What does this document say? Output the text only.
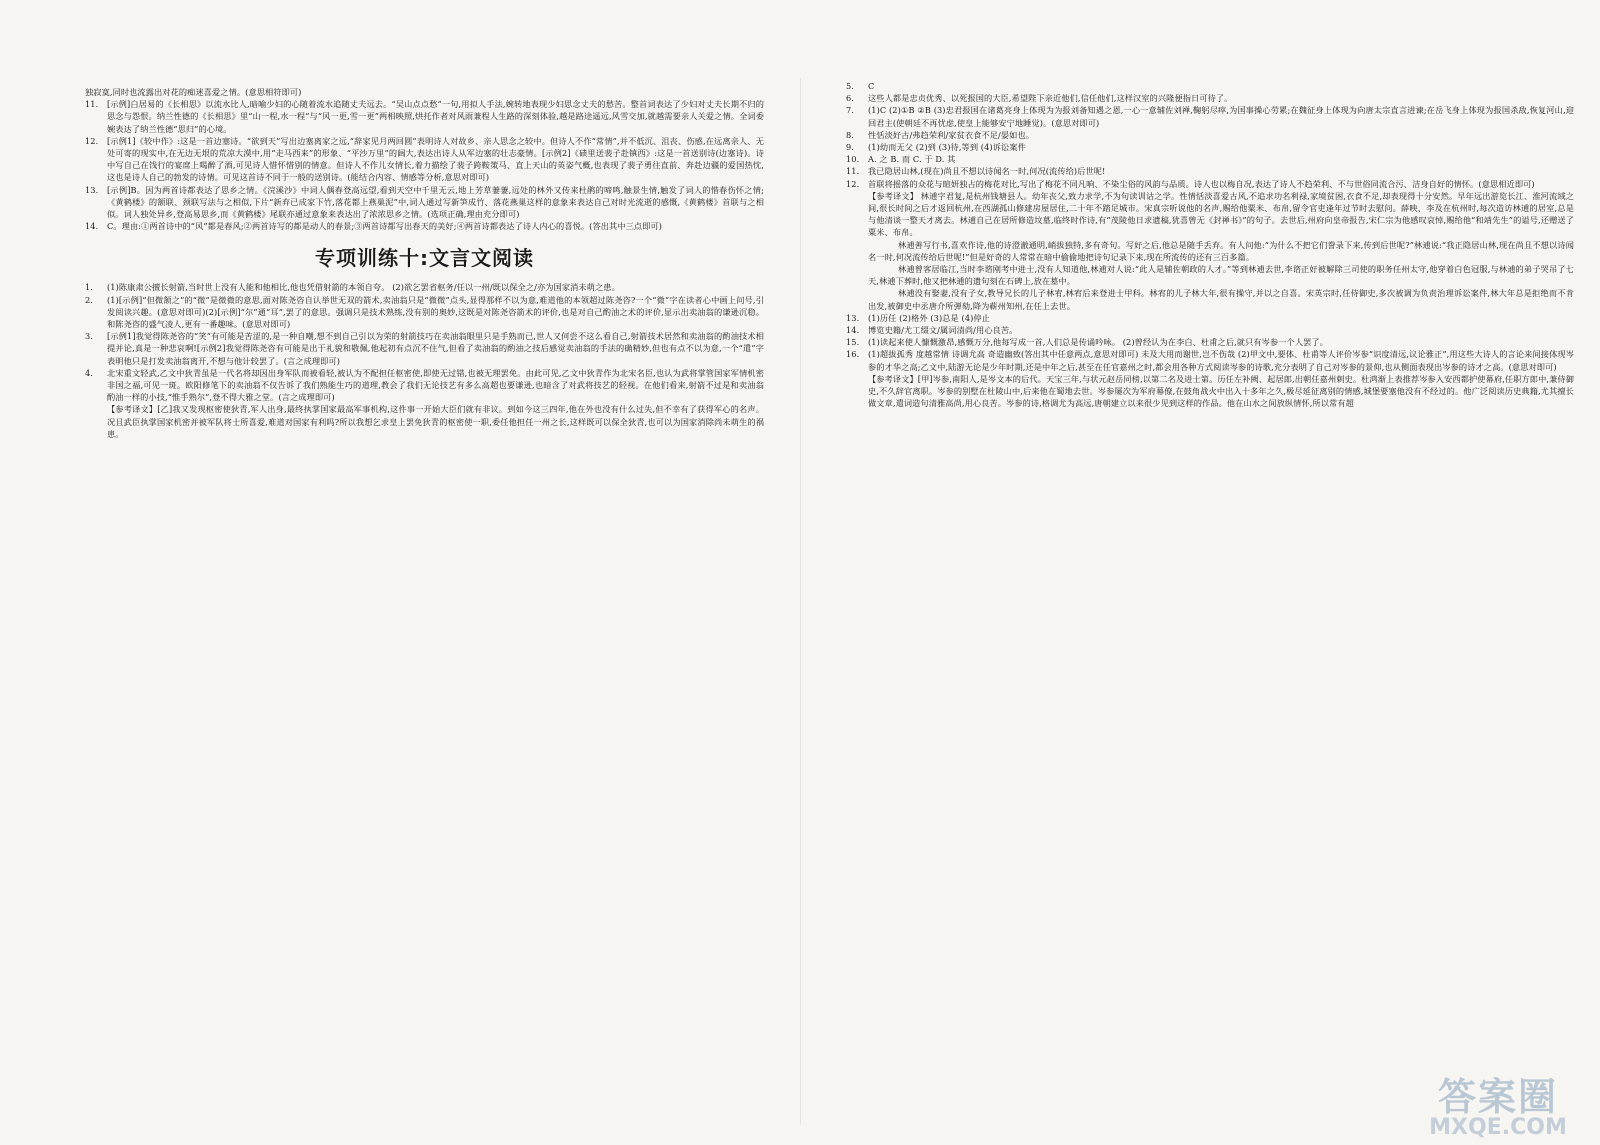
独寂寞,同时也流露出对花的痴迷喜爱之情。(意思相符即可)

11. [示例]白居易的《长相思》以流水比人,暗喻少妇的心随着流水追随丈夫远去。“吴山点点愁”一句,用拟人手法,婉转地表现少妇思念丈夫的愁苦。整首词表达了少妇对丈夫长期不归的思念与怨恨。纳兰性德的《长相思》里“山一程,水一程”与“风一更,雪一更”两相映照,烘托作者对风雨兼程人生路的深刻体验,越是路途遥远,风雪交加,就越需要亲人关爱之情。全词委婉表达了纳兰性德“思归”的心境。

12. [示例1]《较中作》:这是一首边塞诗。“欲到天”写出边塞离家之远,“辞家见月两回圆”表明诗人对故乡、亲人思念之较中。但诗人不作“常情”,并不低沉、沮丧、伤感,在远离亲人、无处可寄的现实中,在无边无垠的荒凉大漠中,用“走马西来”的形象、“平沙万里”的阔大,表达出诗人从军边塞的壮志豪情。[示例2]《碛里送裴子赴镇西》:这是一首送别诗(边塞诗)。诗中写自己在饯行的宴席上喝醉了酒,可见诗人惜怀惜别的情意。但诗人不作儿女情长,着力描绘了裴子跨鞍策马、直上天山的英姿气概,也表现了裴子勇往直前、奔赴边疆的爱国热忱,这也是诗人自己的勃发的诗情。可见这首诗不同于一般的送别诗。(能结合内容、情感等分析,意思对即可)

13. [示例]B。因为两首诗都表达了思乡之情。《浣溪沙》中词人偶春登高远望,看到天空中千里无云,地上芳草萋萋,远处的林外又传来杜鹃的啼鸣,触景生情,触发了词人的惜春伤怀之情;《黄鹤楼》的颔联、颈联写法与之相似,下片“新弃已成家下竹,落花都上燕巢泥”中,词人通过写新笋成竹、落花燕巢这样的意象来表达自己对时光流逝的感慨,《黄鹤楼》首联与之相似。词人独处异乡,登高易思乡,而《黄鹤楼》尾联亦通过意象来表达出了浓浓思乡之情。(选项正确,理由充分即可)

14. C。理由:①两首诗中的“风”都是春风;②两首诗写的都是动人的春景;③两首诗都写出春天的美好;④两首诗都表达了诗人内心的喜悦。(答出其中三点即可)

专项训练十:文言文阅读

1. (1)陈康肃公擅长射箭,当时世上没有人能和他相比,他也凭借射箭的本领自夸。 (2)欲乞罢省枢务/任以一州/既以保全之/亦为国家消未萌之患。

2. (1)[示例]“但微颔之”的“微”是微微的意思,面对陈尧咨自认举世无双的箭术,卖油翁只是“微微”点头,显得那样不以为意,难道他的本领超过陈尧咨?一个“微”字在读者心中画上问号,引发阅读兴趣。(意思对即可)(2)[示例]“尔”通“耳”,罢了的意思。强调只是技术熟练,没有别的奥妙,这既是对陈尧咨箭术的评价,也是对自己酌油之术的评价,显示出卖油翁的谦逊沉稳。和陈尧咨的盛气凌人,更有一番趣味。(意思对即可)

3. [示例1]我觉得陈尧咨的“笑”有可能是苦涩的,是一种自嘲,想不到自己引以为荣的射箭技巧在卖油翁眼里只是手熟而已,世人又何尝不这么看自己,射箭技术居然和卖油翁的酌油技术相提并论,真是一种悲哀啊![示例2]我觉得陈尧咨有可能是出于礼貌和敬佩,他起初有点沉不住气,但看了卖油翁的酌油之技后感觉卖油翁的手法的确精妙,但也有点不以为意,一个“遣”字表明他只是打发卖油翁离开,不想与他计较罢了。(言之成理即可)

4. 北宋重文轻武,乙文中狄青虽是一代名将却因出身军队而被看轻,被认为不配担任枢密使,即使无过错,也被无理罢免。由此可见,乙文中狄青作为北宋名臣,也认为武将掌管国家军情机密非国之福,可见一斑。欧阳修笔下的卖油翁不仅告诉了我们熟能生巧的道理,教会了我们无论技艺有多么高超也要谦逊,也暗含了对武将技艺的轻视。在他们看来,射箭不过是和卖油翁酌油一样的小技,“惟手熟尔”,登不得大雅之堂。(言之成理即可)

【参考译文】[乙]我又发现枢密使狄青,军人出身,最终执掌国家最高军事机构,这件事一开始大臣们就有非议。到如今这三四年,他在外也没有什么过失,但不幸有了获得军心的名声。况且武臣执掌国家机密并被军队将士所喜爱,难道对国家有利吗?所以我想乞求皇上罢免狄青的枢密使一职,委任他担任一州之长,这样既可以保全狄青,也可以为国家消除尚未萌生的祸患。

5. C

6. 这些人都是忠贞优秀、以死报国的大臣,希望陛下亲近他们,信任他们,这样汉室的兴隆便指日可待了。

7. (1)C (2)①B ②B (3)忠君报国在诸葛亮身上体现为为报刘备知遇之恩,一心一意辅佐刘禅,鞠躬尽瘁,为国事操心劳累;在魏征身上体现为向唐太宗直言进谏;在岳飞身上体现为报国杀敌,恢复河山,迎回君主(使朝廷不再忧虑,使皇上能够安宁地睡觉)。(意思对即可)

8. 性恬淡好古/弗趋荣利/家贫衣食不足/晏如也。

9. (1)幼而无父 (2)到 (3)待,等到 (4)诉讼案件

10. A. 之 B. 而 C. 于 D. 其

11. 我已隐居山林,(现在)尚且不想以诗闻名一时,何况(流传给)后世呢!

12. 首联将摇落的众花与暄妍独占的梅花对比,写出了梅花不同凡响、不染尘俗的风韵与品质。诗人也以梅自况,表达了诗人不趋荣利、不与世俗同流合污、洁身自好的情怀。(意思相近即可)

【参考译文】 林逋字君复,是杭州钱塘县人。幼年丧父,致力求学,不为句读训诂之学。性情恬淡喜爱古风,不追求功名利禄,家境贫困,衣食不足,却表现得十分安然。早年远出游览长江、淮河流域之间,很长时间之后才返回杭州,在西湖孤山修建房屋居住,二十年不踏足城市。宋真宗听说他的名声,赐给他粟米、布帛,留令官吏逢年过节时去慰问。薛映、李及在杭州时,每次造访林逋的居室,总是与他清谈一整天才离去。林逋自己在居所修造坟墓,临终时作诗,有“茂陵他日求遗稿,犹喜曾无《封禅书》”的句子。去世后,州府向皇帝报告,宋仁宗为他感叹哀悼,赐给他“和靖先生”的谥号,还赠送了粟米、布帛。

林逋善写行书,喜欢作诗,他的诗澄澈通明,峭拔独特,多有奇句。写好之后,他总是随手丢弃。有人问他:“为什么不把它们誊录下来,传到后世呢?”林逋说:“我正隐居山林,现在尚且不想以诗闻名一时,何况流传给后世呢!”但是好奇的人常常在暗中偷偷地把诗句记录下来,现在所流传的还有三百多篇。

林逋曾客居临江,当时李谘刚考中进士,没有人知道他,林逋对人说:“此人是辅佐朝政的人才。”等到林逋去世,李谘正好被解除三司使的职务任州太守,他穿着白色冠服,与林逋的弟子哭吊了七天,林逋下葬时,他又把林逋的遗句刻在石碑上,放在墓中。

林逋没有娶妻,没有子女,教导兄长的儿子林宥,林宥后来登进士甲科。林宥的儿子林大年,很有操守,并以之自喜。宋英宗时,任侍御史,多次被调为负责治理诉讼案件,林大年总是拒绝而不肯出发,被御史中丞唐介所弹劾,降为蕲州知州,在任上去世。

13. (1)历任 (2)格外 (3)总是 (4)停止

14. 博览史籍/尤工缀文/属词清尚/用心良苦。

15. (1)读起来使人慷慨激昂,感慨万分,他每写成一首,人们总是传诵吟咏。 (2)曾经认为在李白、杜甫之后,就只有岑参一个人罢了。

16. (1)超拔孤秀 度越常情 诗调尤高 奇造幽致(答出其中任意两点,意思对即可) 未及大用而谢世,岂不伤哉 (2)甲文中,要体、杜甫等人评价岑参“识度清远,议论雅正”,用这些大诗人的言论来间接体现岑参的才华之高;乙文中,陆游无论是少年时期,还是中年之后,甚至在任官嘉州之时,都会用各种方式阅读岑参的诗歌,充分表明了自己对岑参的景仰,也从侧面表现出岑参的诗才之高。(意思对即可)

【参考译文】[甲]岑参,南阳人,是岑文本的后代。天宝三年,与状元赵岳同榜,以第二名及进士第。历任左补阙、起居郎,出朝任嘉州刺史。杜鸿渐上表推荐岑参入安西都护使幕府,任职方郎中,兼侍御史,不久辞官离职。岑参的别墅在杜陵山中,后来他在蜀地去世。岑参屡次为军府幕僚,在鼓角战火中出入十多年之久,极尽延征离别的情感,城堡要塞他没有不经过的。他广泛阅读历史典籍,尤其擅长做文章,遣词造句清雅高尚,用心良苦。岑参的诗,格调尤为高远,唐朝建立以来很少见到这样的作品。他在山水之间放纵情怀,所以常有超

答案圈
MXQE.COM
